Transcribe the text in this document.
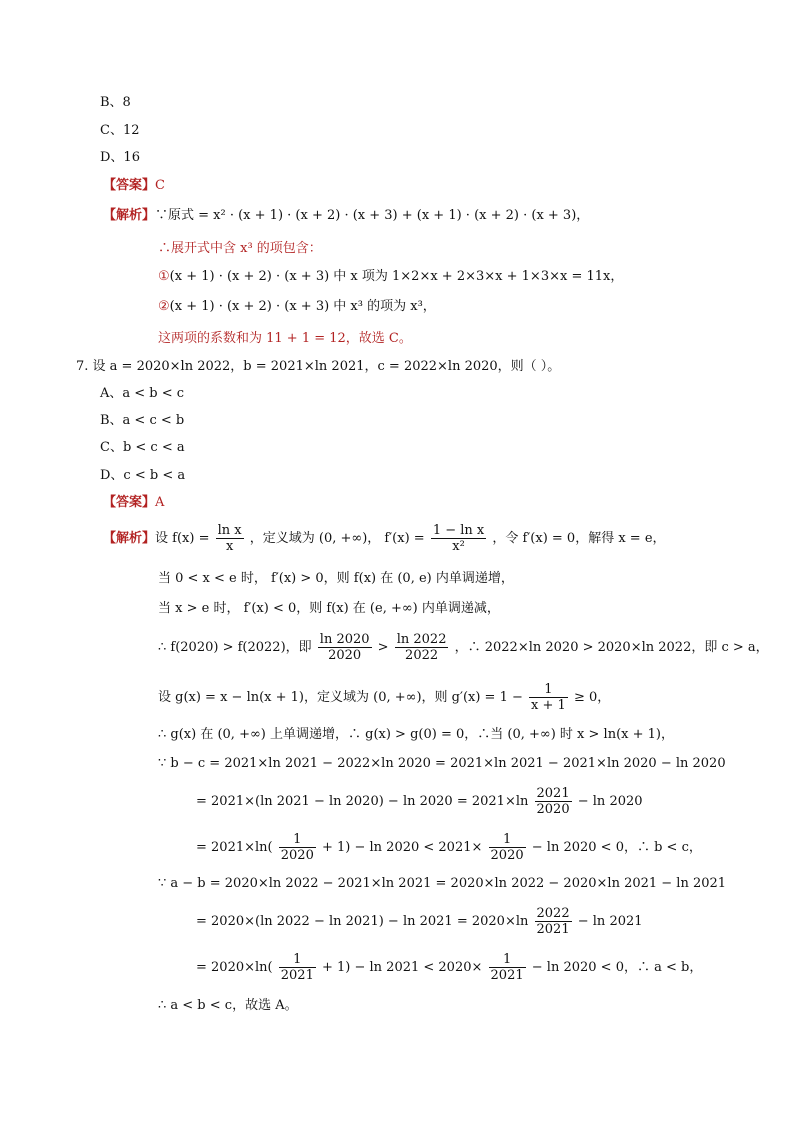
B、8
C、12
D、16
【答案】C
【解析】∵原式 = x² · (x + 1) · (x + 2) · (x + 3) + (x + 1) · (x + 2) · (x + 3)，
∴展开式中含 x³ 的项包含：
①(x + 1) · (x + 2) · (x + 3) 中 x 项为 1×2×x + 2×3×x + 1×3×x = 11x，
②(x + 1) · (x + 2) · (x + 3) 中 x³ 的项为 x³，
这两项的系数和为 11 + 1 = 12，故选 C。
7. 设 a = 2020×ln 2022，b = 2021×ln 2021，c = 2022×ln 2020，则（ ）。
A、a < b < c
B、a < c < b
C、b < c < a
D、c < b < a
【答案】A
【解析】设 $f(x) = \frac{\text{ln x}}{x}$ ，定义域为 (0, +∞)， $f'(x) = \frac{\text{1 − ln x}}{\text{x²}}$ ，令 f′(x) = 0，解得 x = e，
当 0 < x < e 时， f′(x) > 0，则 f(x) 在 (0, e) 内单调递增，
当 x > e 时， f′(x) < 0，则 f(x) 在 (e, +∞) 内单调递减，
∴ f(2020) > f(2022)，即 $\frac{\ln 2020}{2020} > \frac{\ln 2022}{2022}$ ，∴ 2022×ln 2020 > 2020×ln 2022，即 c > a，
设 g(x) = x − ln(x + 1)，定义域为 (0, +∞)，则 $g'(x) = 1 - \frac{1}{x + 1} \ge 0$，
∴ g(x) 在 (0, +∞) 上单调递增，∴ g(x) > g(0) = 0，∴当 (0, +∞) 时 x > ln(x + 1)，
∵ b − c = 2021×ln 2021 − 2022×ln 2020 = 2021×ln 2021 − 2021×ln 2020 − ln 2020
= 2021×(ln $2021 - \ln 2020) - \ln 2020 = 2021\times\ln \frac{2021}{2020} - \ln 2020$
= $2021\times\ln( \frac{1}{2020} + 1) - \ln 2020 < 2021\times \frac{1}{2020} - \ln 2020 < 0$，∴ b < c，
∵ a − b = 2020×ln 2022 − 2021×ln 2021 = 2020×ln 2022 − 2020×ln 2021 − ln 2021
= 2020×(ln $2022 - \ln 2021) - \ln 2021 = 2020\times\ln \frac{2022}{2021} - \ln 2021$
= $2020\times\ln( \frac{1}{2021} + 1) - \ln 2021 < 2020\times \frac{1}{2021} - \ln 2020 < 0$，∴ a < b，
∴ a < b < c，故选 A。
